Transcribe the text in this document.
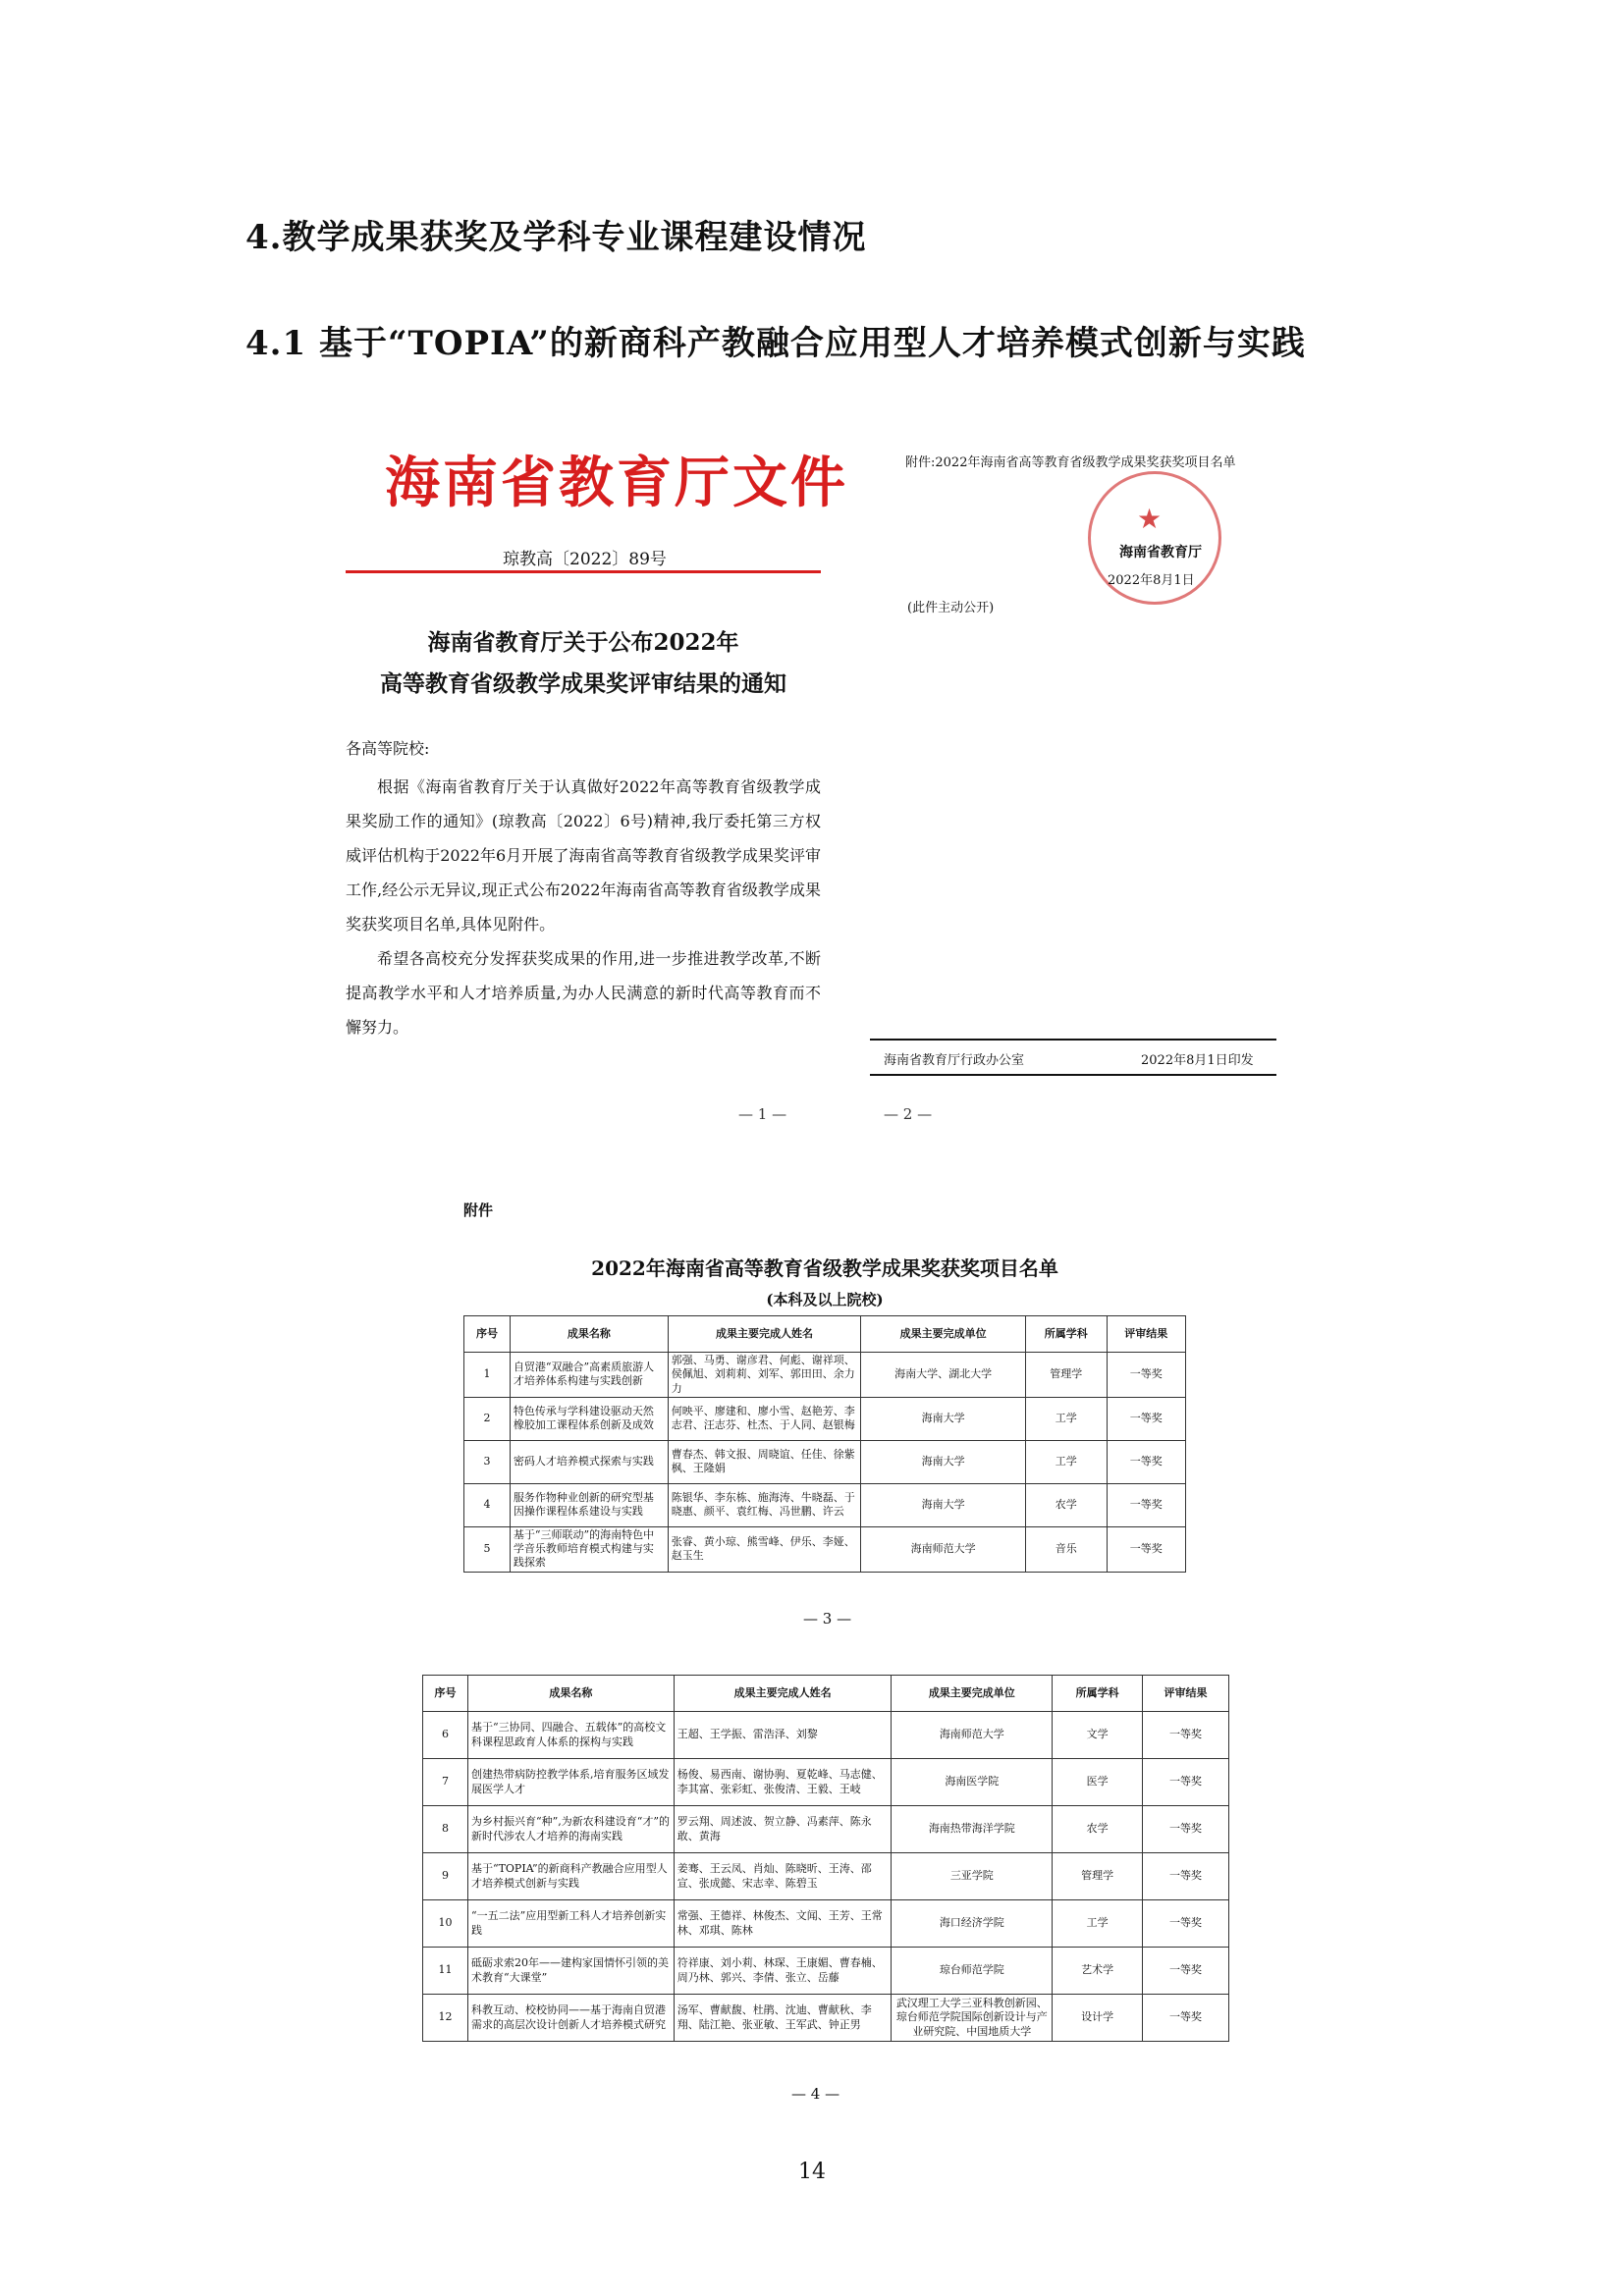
4.教学成果获奖及学科专业课程建设情况
4.1 基于“TOPIA”的新商科产教融合应用型人才培养模式创新与实践
海南省教育厅文件
琼教高〔2022〕89号
海南省教育厅关于公布2022年
高等教育省级教学成果奖评审结果的通知
各高等院校:

根据《海南省教育厅关于认真做好2022年高等教育省级教学成果奖励工作的通知》(琼教高〔2022〕6号)精神,我厅委托第三方权威评估机构于2022年6月开展了海南省高等教育省级教学成果奖评审工作,经公示无异议,现正式公布2022年海南省高等教育省级教学成果奖获奖项目名单,具体见附件。

希望各高校充分发挥获奖成果的作用,进一步推进教学改革,不断提高教学水平和人才培养质量,为办人民满意的新时代高等教育而不懈努力。

— 1 —
附件:2022年海南省高等教育省级教学成果奖获奖项目名单
★
海南省教育厅
2022年8月1日
(此件主动公开)
海南省教育厅行政办公室	2022年8月1日印发
— 2 —
附件
2022年海南省高等教育省级教学成果奖获奖项目名单
(本科及以上院校)
序号	成果名称	成果主要完成人姓名	成果主要完成单位	所属学科	评审结果
1	自贸港“双融合”高素质旅游人才培养体系构建与实践创新	郭强、马勇、谢彦君、何彪、谢祥项、侯佩旭、刘莉莉、刘军、郭田田、余力力	海南大学、湖北大学	管理学	一等奖
2	特色传承与学科建设驱动天然橡胶加工课程体系创新及成效	何映平、廖建和、廖小雪、赵艳芳、李志君、汪志芬、杜杰、于人同、赵银梅	海南大学	工学	一等奖
3	密码人才培养模式探索与实践	曹春杰、韩文报、周晓谊、任佳、徐紫枫、王隆娟	海南大学	工学	一等奖
4	服务作物种业创新的研究型基因操作课程体系建设与实践	陈银华、李东栋、施海涛、牛晓磊、于晓惠、颜平、袁红梅、冯世鹏、许云	海南大学	农学	一等奖
5	基于“三师联动”的海南特色中学音乐教师培育模式构建与实践探索	张睿、黄小琼、熊雪峰、伊乐、李娅、赵玉生	海南师范大学	音乐	一等奖
— 3 —
序号	成果名称	成果主要完成人姓名	成果主要完成单位	所属学科	评审结果
6	基于“三协同、四融合、五载体”的高校文科课程思政育人体系的探构与实践	王超、王学振、雷浩泽、刘黎	海南师范大学	文学	一等奖
7	创建热带病防控教学体系,培育服务区域发展医学人才	杨俊、易西南、谢协驹、夏乾峰、马志健、李其富、张彩虹、张俊清、王毅、王岐	海南医学院	医学	一等奖
8	为乡村振兴育“种”,为新农科建设育“才”的新时代涉农人才培养的海南实践	罗云翔、周述波、贺立静、冯素萍、陈永敢、黄海	海南热带海洋学院	农学	一等奖
9	基于“TOPIA”的新商科产教融合应用型人才培养模式创新与实践	姜骞、王云凤、肖灿、陈晓昕、王涛、邵宣、张成懿、宋志幸、陈碧玉	三亚学院	管理学	一等奖
10	“一五二法”应用型新工科人才培养创新实践	常强、王德祥、林俊杰、文闻、王芳、王常林、邓琪、陈林	海口经济学院	工学	一等奖
11	砥砺求索20年——建构家国情怀引领的美术教育“大课堂”	符祥康、刘小莉、林琛、王康媚、曹春楠、周乃林、郭兴、李倩、张立、岳藤	琼台师范学院	艺术学	一等奖
12	科教互动、校校协同——基于海南自贸港需求的高层次设计创新人才培养模式研究	汤军、曹献馥、杜鹃、沈迪、曹献秋、李翔、陆江艳、张亚敏、王军武、钟正男	武汉理工大学三亚科教创新园、琼台师范学院国际创新设计与产业研究院、中国地质大学	设计学	一等奖
— 4 —
14
